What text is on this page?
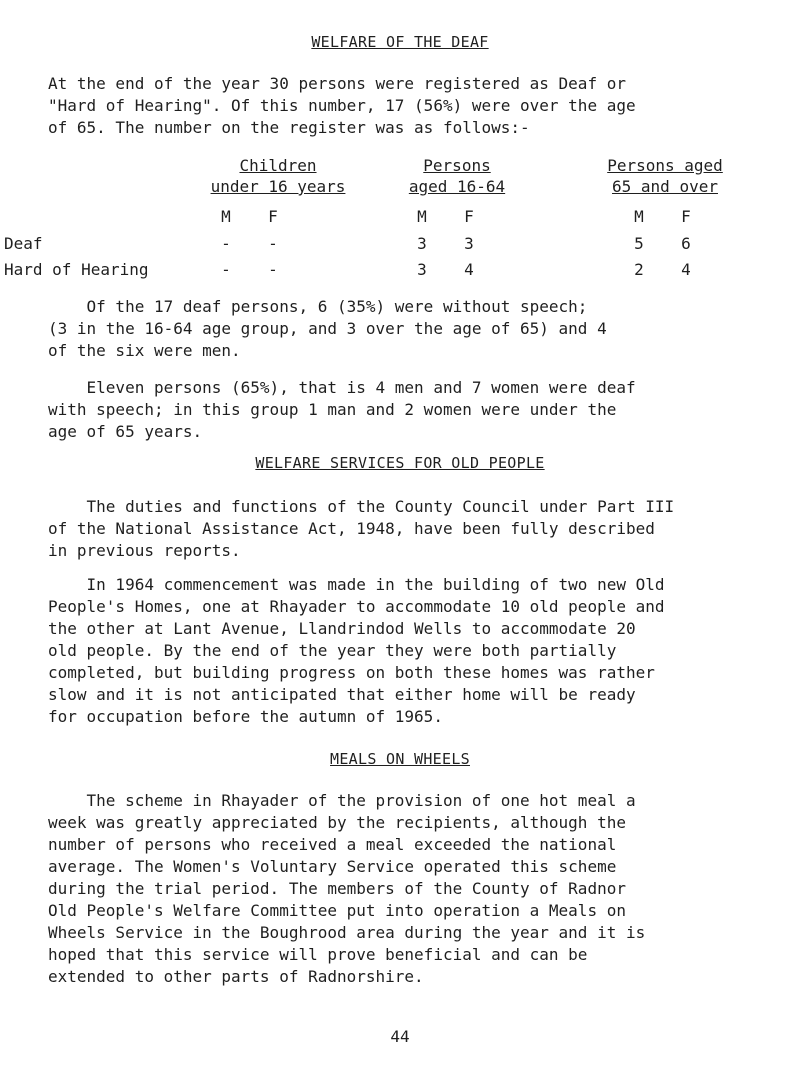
WELFARE OF THE DEAF
At the end of the year 30 persons were registered as Deaf or
"Hard of Hearing". Of this number, 17 (56%) were over the age
of 65. The number on the register was as follows:-
Children
under 16 years
Persons
aged 16-64
Persons aged
65 and over
M F	M F	M F
Deaf	- -	3 3	5 6
Hard of Hearing	- -	3 4	2 4
Of the 17 deaf persons, 6 (35%) were without speech;
(3 in the 16-64 age group, and 3 over the age of 65) and 4
of the six were men.
Eleven persons (65%), that is 4 men and 7 women were deaf
with speech; in this group 1 man and 2 women were under the
age of 65 years.
WELFARE SERVICES FOR OLD PEOPLE
The duties and functions of the County Council under Part III
of the National Assistance Act, 1948, have been fully described
in previous reports.
In 1964 commencement was made in the building of two new Old
People's Homes, one at Rhayader to accommodate 10 old people and
the other at Lant Avenue, Llandrindod Wells to accommodate 20
old people. By the end of the year they were both partially
completed, but building progress on both these homes was rather
slow and it is not anticipated that either home will be ready
for occupation before the autumn of 1965.
MEALS ON WHEELS
The scheme in Rhayader of the provision of one hot meal a
week was greatly appreciated by the recipients, although the
number of persons who received a meal exceeded the national
average. The Women's Voluntary Service operated this scheme
during the trial period. The members of the County of Radnor
Old People's Welfare Committee put into operation a Meals on
Wheels Service in the Boughrood area during the year and it is
hoped that this service will prove beneficial and can be
extended to other parts of Radnorshire.
44
